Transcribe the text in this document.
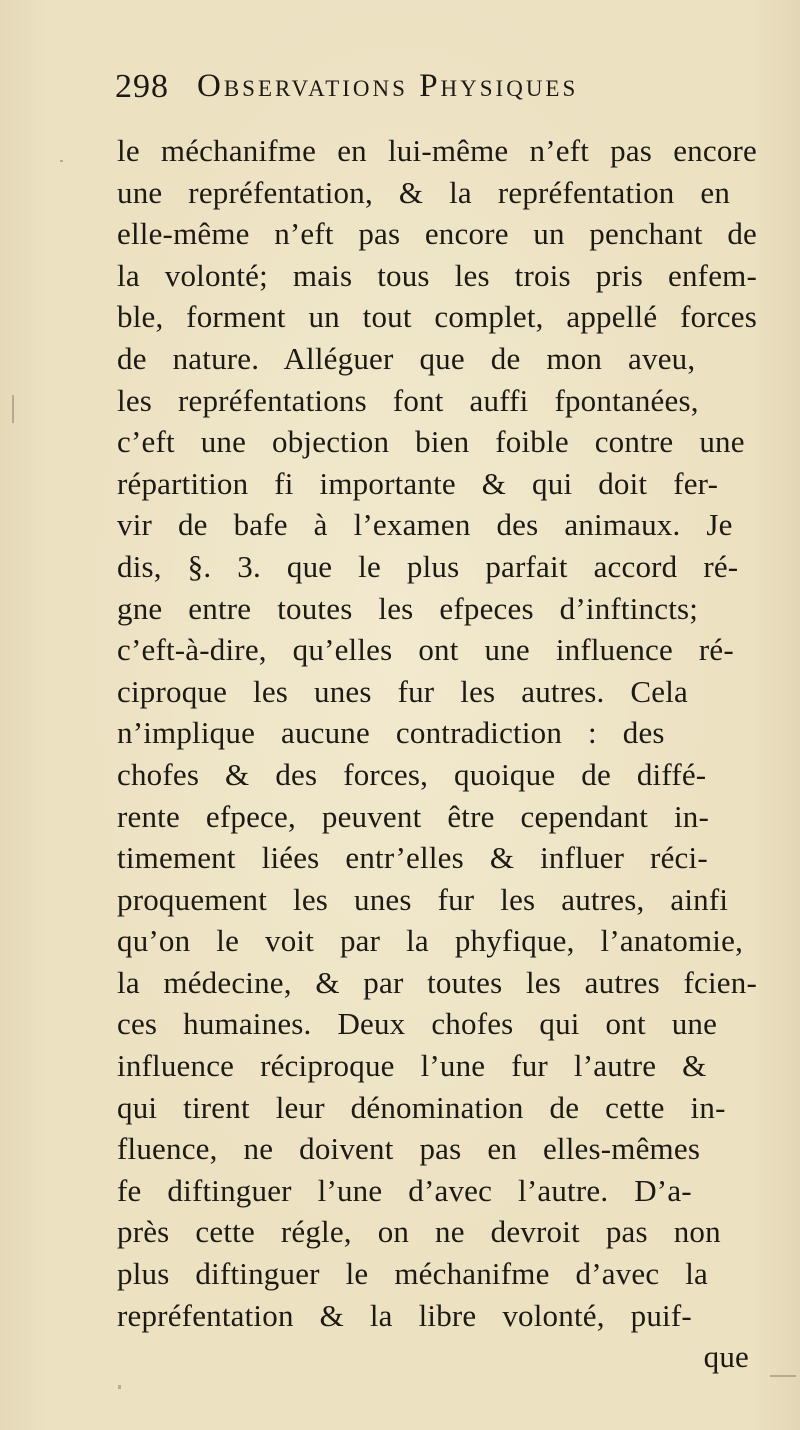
298 Observations Physiques
le méchanifme en lui-même n’eft pas encore
une repréfentation, & la repréfentation en
elle-même n’eft pas encore un penchant de
la volonté; mais tous les trois pris enfem-
ble, forment un tout complet, appellé forces
de nature. Alléguer que de mon aveu,
les repréfentations font auffi fpontanées,
c’eft une objection bien foible contre une
répartition fi importante & qui doit fer-
vir de bafe à l’examen des animaux. Je
dis, §. 3. que le plus parfait accord ré-
gne entre toutes les efpeces d’inftincts;
c’eft-à-dire, qu’elles ont une influence ré-
ciproque les unes fur les autres. Cela
n’implique aucune contradiction : des
chofes & des forces, quoique de diffé-
rente efpece, peuvent être cependant in-
timement liées entr’elles & influer réci-
proquement les unes fur les autres, ainfi
qu’on le voit par la phyfique, l’anatomie,
la médecine, & par toutes les autres fcien-
ces humaines. Deux chofes qui ont une
influence réciproque l’une fur l’autre &
qui tirent leur dénomination de cette in-
fluence, ne doivent pas en elles-mêmes
fe diftinguer l’une d’avec l’autre. D’a-
près cette régle, on ne devroit pas non
plus diftinguer le méchanifme d’avec la
repréfentation & la libre volonté, puif-
que
